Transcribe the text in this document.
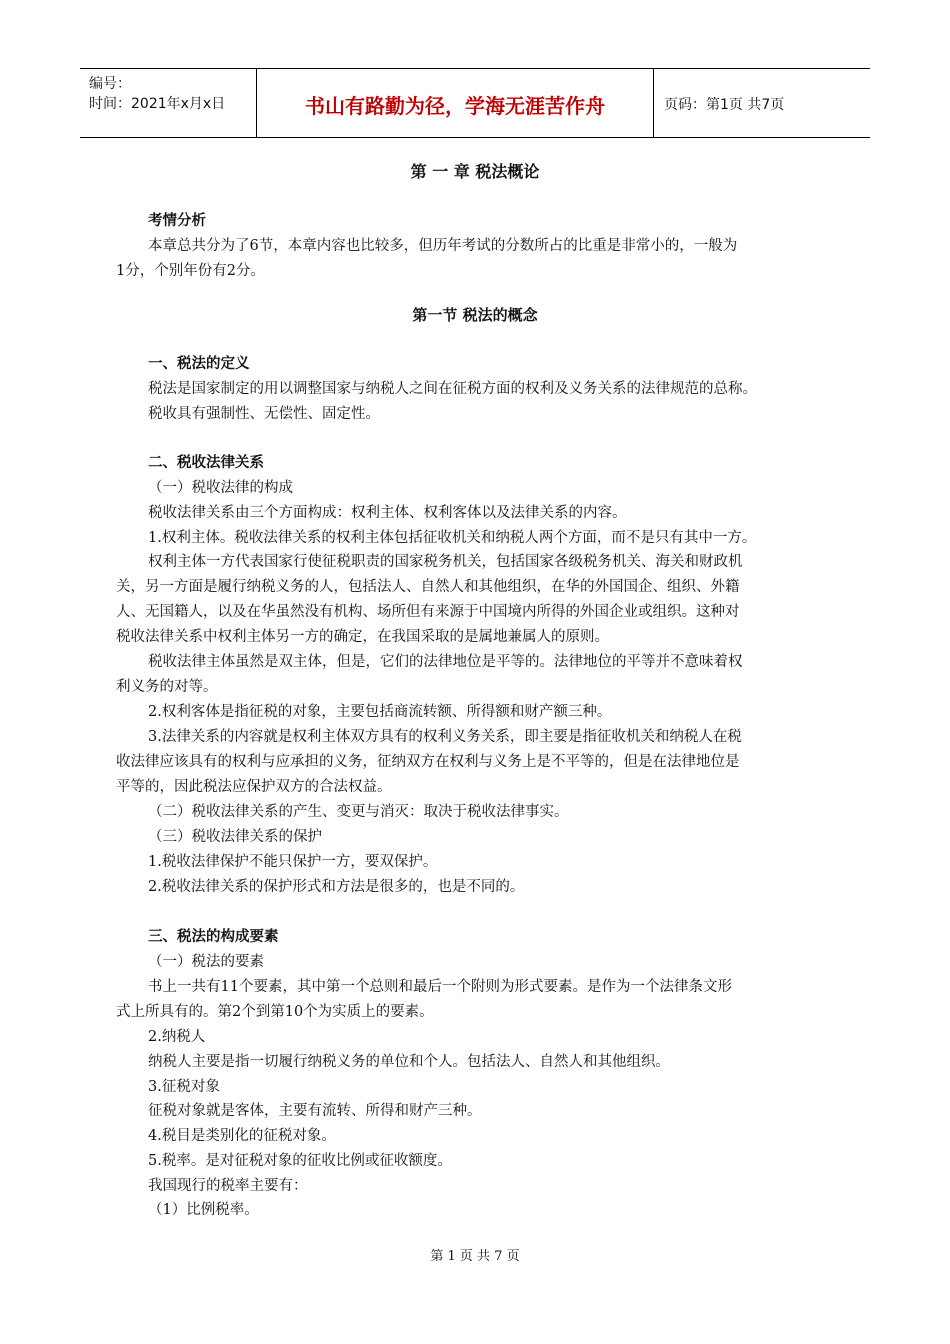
编号：
时间：2021年x月x日	书山有路勤为径，学海无涯苦作舟	页码：第1页 共7页
第 一 章 税法概论
考情分析
本章总共分为了6节，本章内容也比较多，但历年考试的分数所占的比重是非常小的，一般为
1分，个别年份有2分。
第一节 税法的概念
一、税法的定义
税法是国家制定的用以调整国家与纳税人之间在征税方面的权利及义务关系的法律规范的总称。
税收具有强制性、无偿性、固定性。
二、税收法律关系
（一）税收法律的构成
税收法律关系由三个方面构成：权利主体、权利客体以及法律关系的内容。
1.权利主体。税收法律关系的权利主体包括征收机关和纳税人两个方面，而不是只有其中一方。
权利主体一方代表国家行使征税职责的国家税务机关，包括国家各级税务机关、海关和财政机
关，另一方面是履行纳税义务的人，包括法人、自然人和其他组织，在华的外国国企、组织、外籍
人、无国籍人，以及在华虽然没有机构、场所但有来源于中国境内所得的外国企业或组织。这种对
税收法律关系中权利主体另一方的确定，在我国采取的是属地兼属人的原则。
税收法律主体虽然是双主体，但是，它们的法律地位是平等的。法律地位的平等并不意味着权
利义务的对等。
2.权利客体是指征税的对象，主要包括商流转额、所得额和财产额三种。
3.法律关系的内容就是权利主体双方具有的权利义务关系，即主要是指征收机关和纳税人在税
收法律应该具有的权利与应承担的义务，征纳双方在权利与义务上是不平等的，但是在法律地位是
平等的，因此税法应保护双方的合法权益。
（二）税收法律关系的产生、变更与消灭：取决于税收法律事实。
（三）税收法律关系的保护
1.税收法律保护不能只保护一方，要双保护。
2.税收法律关系的保护形式和方法是很多的，也是不同的。
三、税法的构成要素
（一）税法的要素
书上一共有11个要素，其中第一个总则和最后一个附则为形式要素。是作为一个法律条文形
式上所具有的。第2个到第10个为实质上的要素。
2.纳税人
纳税人主要是指一切履行纳税义务的单位和个人。包括法人、自然人和其他组织。
3.征税对象
征税对象就是客体，主要有流转、所得和财产三种。
4.税目是类别化的征税对象。
5.税率。是对征税对象的征收比例或征收额度。
我国现行的税率主要有：
（1）比例税率。
第 1 页 共 7 页
